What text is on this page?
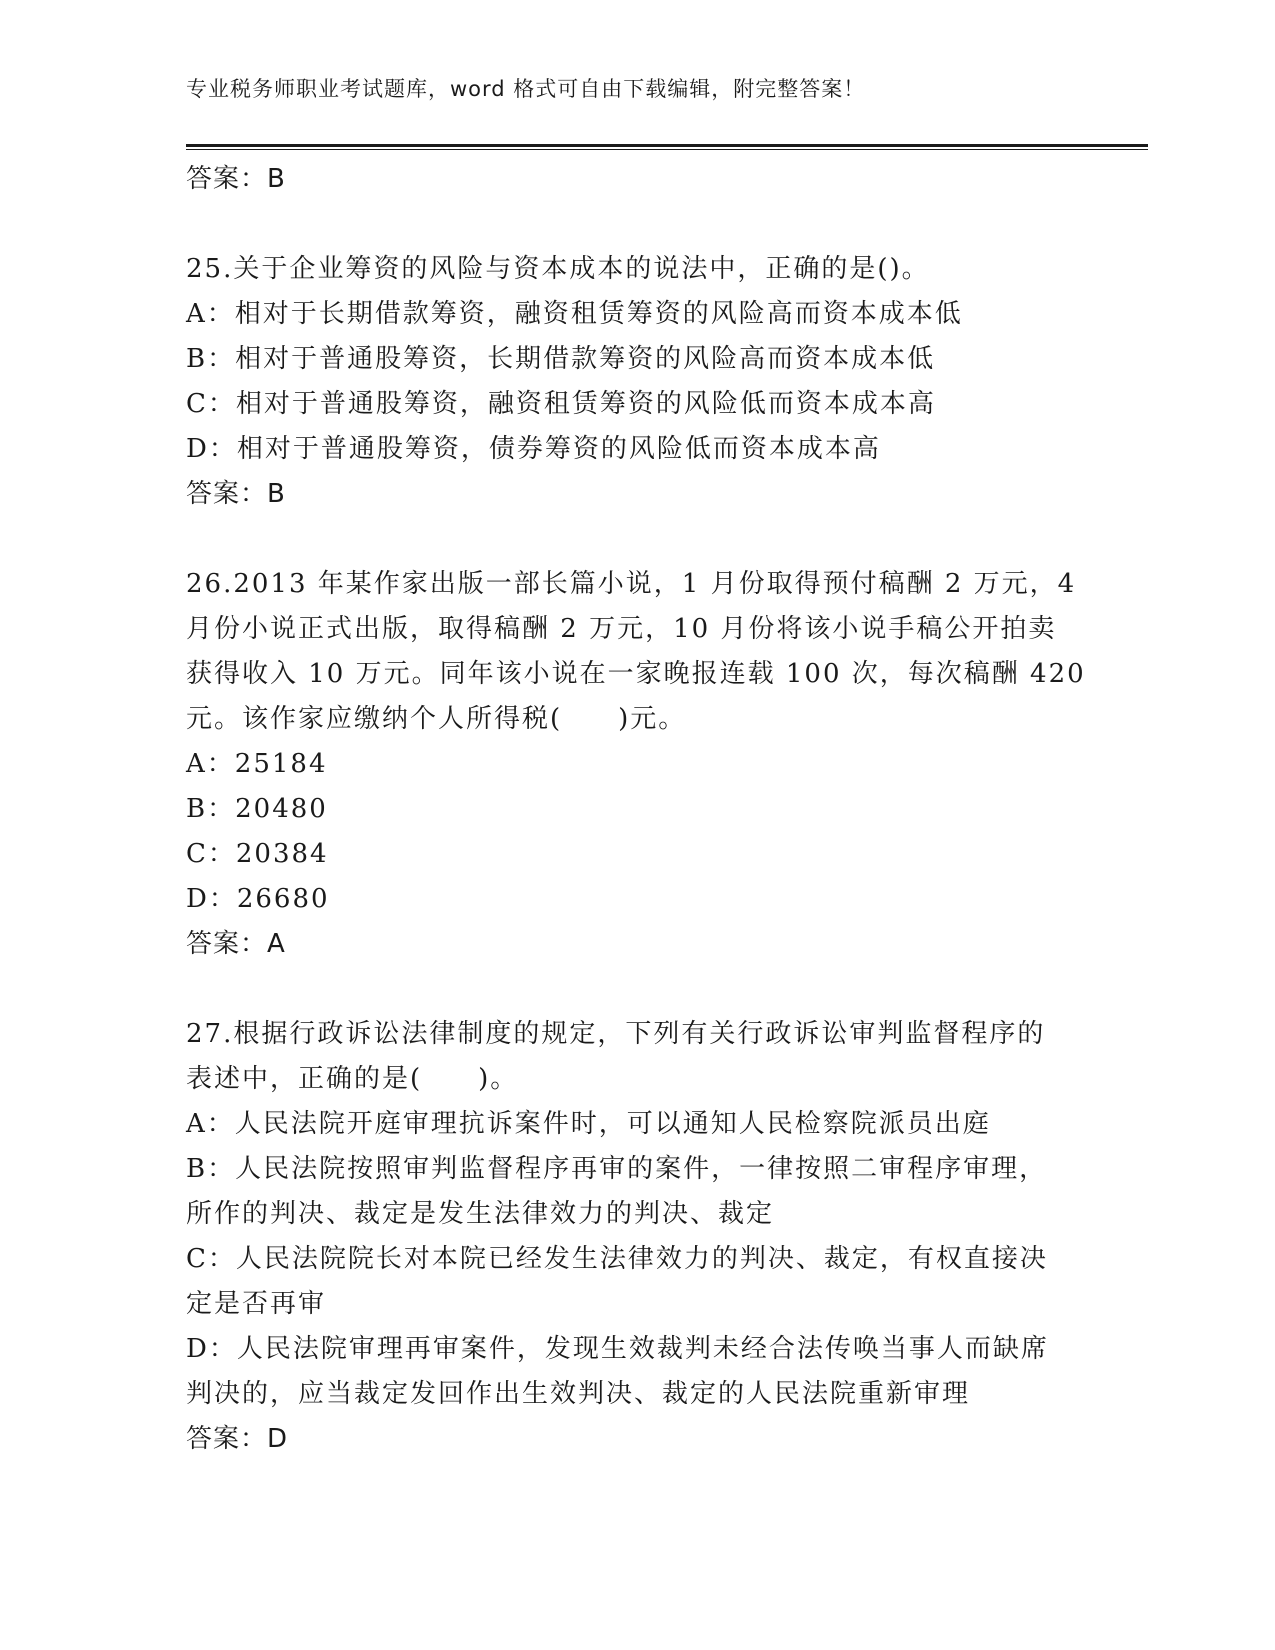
专业税务师职业考试题库，word 格式可自由下载编辑，附完整答案！
答案：B
25.关于企业筹资的风险与资本成本的说法中，正确的是()。
A：相对于长期借款筹资，融资租赁筹资的风险高而资本成本低
B：相对于普通股筹资，长期借款筹资的风险高而资本成本低
C：相对于普通股筹资，融资租赁筹资的风险低而资本成本高
D：相对于普通股筹资，债券筹资的风险低而资本成本高
答案：B
26.2013 年某作家出版一部长篇小说，1 月份取得预付稿酬 2 万元，4
月份小说正式出版，取得稿酬 2 万元，10 月份将该小说手稿公开拍卖
获得收入 10 万元。同年该小说在一家晚报连载 100 次，每次稿酬 420
元。该作家应缴纳个人所得税(　　)元。
A：25184
B：20480
C：20384
D：26680
答案：A
27.根据行政诉讼法律制度的规定，下列有关行政诉讼审判监督程序的
表述中，正确的是(　　)。
A：人民法院开庭审理抗诉案件时，可以通知人民检察院派员出庭
B：人民法院按照审判监督程序再审的案件，一律按照二审程序审理，
所作的判决、裁定是发生法律效力的判决、裁定
C：人民法院院长对本院已经发生法律效力的判决、裁定，有权直接决
定是否再审
D：人民法院审理再审案件，发现生效裁判未经合法传唤当事人而缺席
判决的，应当裁定发回作出生效判决、裁定的人民法院重新审理
答案：D
